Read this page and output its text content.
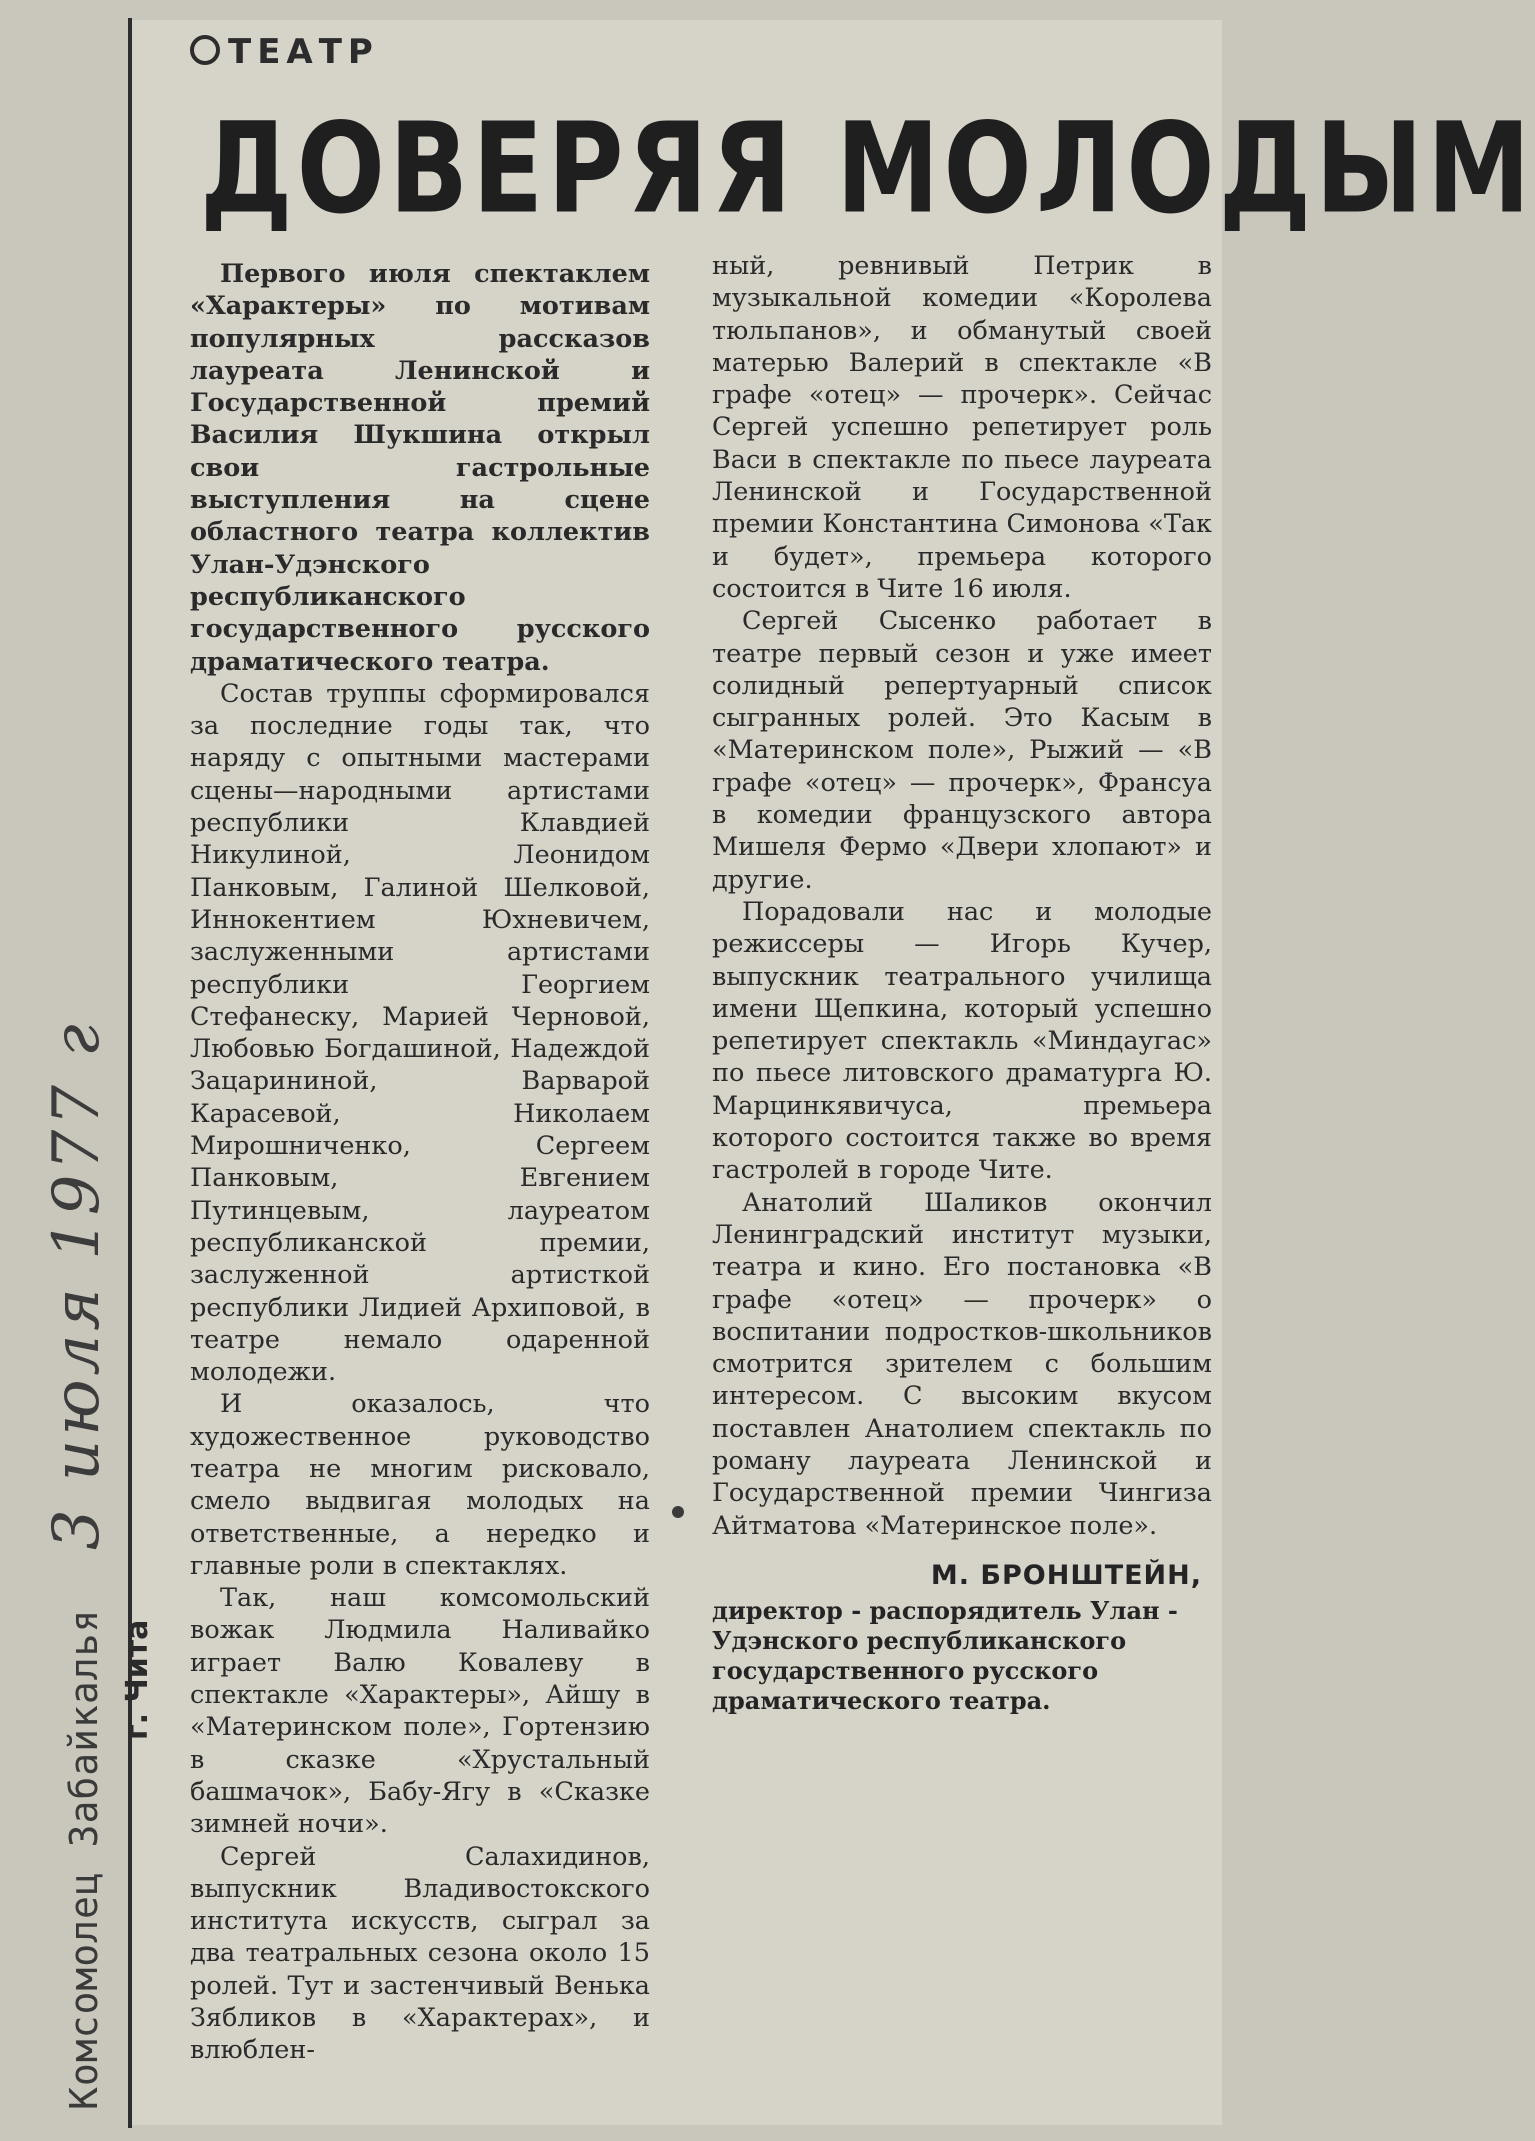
Комсомолец Забайкалья г. Чита
3 июля 1977 г
ТЕАТР
ДОВЕРЯЯ МОЛОДЫМ

Первого июля спектаклем «Характеры» по мотивам популярных рассказов лауреата Ленинской и Государственной премий Василия Шукшина открыл свои гастрольные выступления на сцене областного театра коллектив Улан-Удэнского республиканского государственного русского драматического театра.

Состав труппы сформировался за последние годы так, что наряду с опытными мастерами сцены—народными артистами республики Клавдией Никулиной, Леонидом Панковым, Галиной Шелковой, Иннокентием Юхневичем, заслуженными артистами республики Георгием Стефанеску, Марией Черновой, Любовью Богдашиной, Надеждой Зацарининой, Варварой Карасевой, Николаем Мирошниченко, Сергеем Панковым, Евгением Путинцевым, лауреатом республиканской премии, заслуженной артисткой республики Лидией Архиповой, в театре немало одаренной молодежи.

И оказалось, что художественное руководство театра не многим рисковало, смело выдвигая молодых на ответственные, а нередко и главные роли в спектаклях.

Так, наш комсомольский вожак Людмила Наливайко играет Валю Ковалеву в спектакле «Характеры», Айшу в «Материнском поле», Гортензию в сказке «Хрустальный башмачок», Бабу-Ягу в «Сказке зимней ночи».

Сергей Салахидинов, выпускник Владивостокского института искусств, сыграл за два театральных сезона около 15 ролей. Тут и застенчивый Венька Зябликов в «Характерах», и влюблен-

ный, ревнивый Петрик в музыкальной комедии «Королева тюльпанов», и обманутый своей матерью Валерий в спектакле «В графе «отец» — прочерк». Сейчас Сергей успешно репетирует роль Васи в спектакле по пьесе лауреата Ленинской и Государственной премии Константина Симонова «Так и будет», премьера которого состоится в Чите 16 июля.

Сергей Сысенко работает в театре первый сезон и уже имеет солидный репертуарный список сыгранных ролей. Это Касым в «Материнском поле», Рыжий — «В графе «отец» — прочерк», Франсуа в комедии французского автора Мишеля Фермо «Двери хлопают» и другие.

Порадовали нас и молодые режиссеры — Игорь Кучер, выпускник театрального училища имени Щепкина, который успешно репетирует спектакль «Миндаугас» по пьесе литовского драматурга Ю. Марцинкявичуса, премьера которого состоится также во время гастролей в городе Чите.

Анатолий Шаликов окончил Ленинградский институт музыки, театра и кино. Его постановка «В графе «отец» — прочерк» о воспитании подростков-школьников смотрится зрителем с большим интересом. С высоким вкусом поставлен Анатолием спектакль по роману лауреата Ленинской и Государственной премии Чингиза Айтматова «Материнское поле».

М. БРОНШТЕЙН,
директор - распорядитель Улан - Удэнского республиканского государственного русского драматического театра.
